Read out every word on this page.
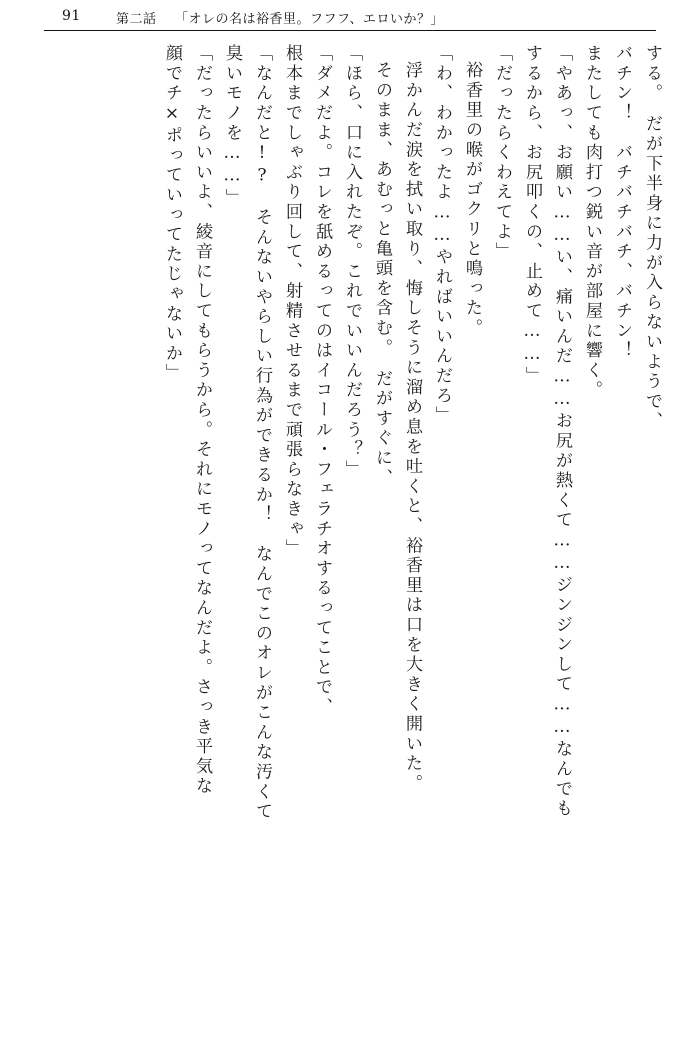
91	第二話 「オレの名は裕香里。フフフ、エロいか？」
する。　だが下半身に力が入らないようで、
バチン！　バチバチバチ、バチン！
またしても肉打つ鋭い音が部屋に響く。
「やあっ、お願い……い、痛いんだ……お尻が熱くて……ジンジンして……なんでも
するから、お尻叩くの、止めて……」
「だったらくわえてよ」
裕香里の喉がゴクリと鳴った。
「わ、わかったよ……やればいいんだろ」
浮かんだ涙を拭い取り、悔しそうに溜め息を吐くと、裕香里は口を大きく開いた。
そのまま、あむっと亀頭を含む。　だがすぐに、
「ほら、口に入れたぞ。これでいいんだろう？」
「ダメだよ。コレを舐めるってのはイコール・フェラチオするってことで、
根本までしゃぶり回して、射精させるまで頑張らなきゃ」
「なんだと!?　そんないやらしい行為ができるか！　なんでこのオレがこんな汚くて
臭いモノを……」
「だったらいいよ、綾音にしてもらうから。それにモノってなんだよ。さっき平気な
顔でチ×ポっていってたじゃないか」
